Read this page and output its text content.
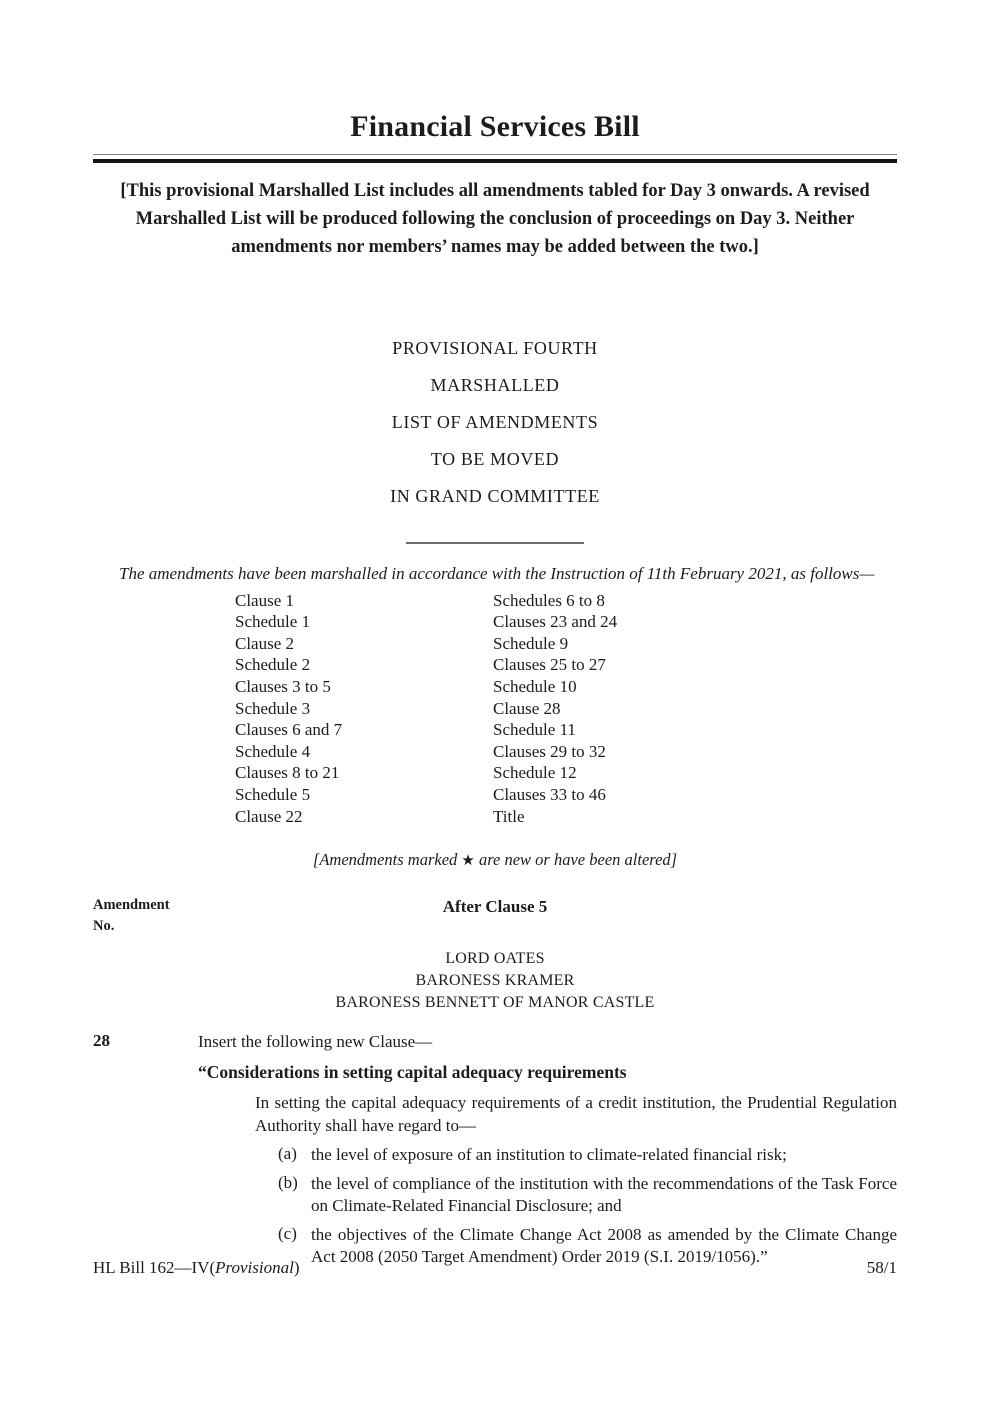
Financial Services Bill
[This provisional Marshalled List includes all amendments tabled for Day 3 onwards. A revised Marshalled List will be produced following the conclusion of proceedings on Day 3. Neither amendments nor members’ names may be added between the two.]
PROVISIONAL FOURTH
MARSHALLED
LIST OF AMENDMENTS
TO BE MOVED
IN GRAND COMMITTEE
The amendments have been marshalled in accordance with the Instruction of 11th February 2021, as follows—
Clause 1
Schedule 1
Clause 2
Schedule 2
Clauses 3 to 5
Schedule 3
Clauses 6 and 7
Schedule 4
Clauses 8 to 21
Schedule 5
Clause 22
Schedules 6 to 8
Clauses 23 and 24
Schedule 9
Clauses 25 to 27
Schedule 10
Clause 28
Schedule 11
Clauses 29 to 32
Schedule 12
Clauses 33 to 46
Title
[Amendments marked ★ are new or have been altered]
Amendment
No.
After Clause 5
LORD OATES
BARONESS KRAMER
BARONESS BENNETT OF MANOR CASTLE
28	Insert the following new Clause—
“Considerations in setting capital adequacy requirements
In setting the capital adequacy requirements of a credit institution, the Prudential Regulation Authority shall have regard to—
(a) the level of exposure of an institution to climate-related financial risk;
(b) the level of compliance of the institution with the recommendations of the Task Force on Climate-Related Financial Disclosure; and
(c) the objectives of the Climate Change Act 2008 as amended by the Climate Change Act 2008 (2050 Target Amendment) Order 2019 (S.I. 2019/1056).”
HL Bill 162—IV(Provisional)	58/1
